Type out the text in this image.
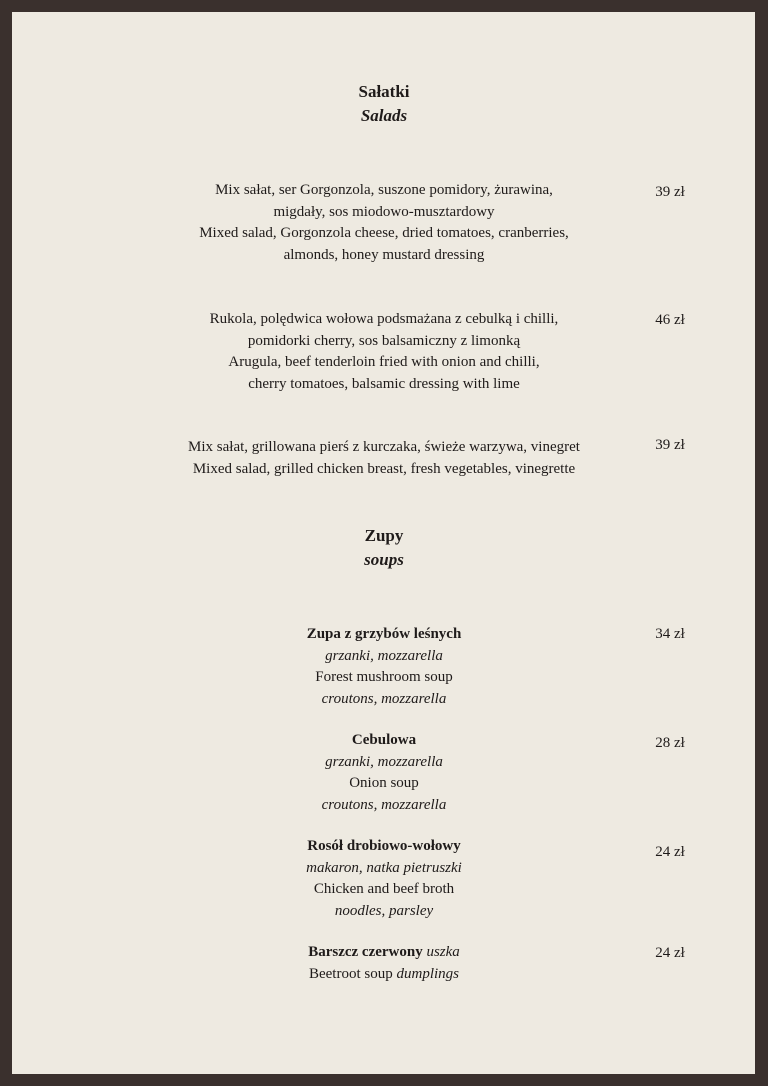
Sałatki
Salads
Mix sałat, ser Gorgonzola, suszone pomidory, żurawina,
migdały, sos miodowo-musztardowy
Mixed salad, Gorgonzola cheese, dried tomatoes, cranberries,
almonds, honey mustard dressing
39 zł
Rukola, polędwica wołowa podsmażana z cebulką i chilli,
pomidorki cherry, sos balsamiczny z limonką
Arugula, beef tenderloin fried with onion and chilli,
cherry tomatoes, balsamic dressing with lime
46 zł
Mix sałat, grillowana pierś z kurczaka, świeże warzywa, vinegret
Mixed salad, grilled chicken breast, fresh vegetables, vinegrette
39 zł
Zupy
soups
Zupa z grzybów leśnych
grzanki, mozzarella
Forest mushroom soup
croutons, mozzarella
34 zł
Cebulowa
grzanki, mozzarella
Onion soup
croutons, mozzarella
28 zł
Rosół drobiowo-wołowy
makaron, natka pietruszki
Chicken and beef broth
noodles, parsley
24 zł
Barszcz czerwony uszka
Beetroot soup dumplings
24 zł
